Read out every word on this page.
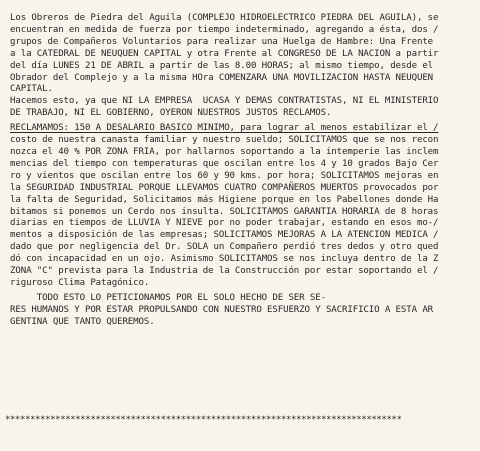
Los Obreros de Piedra del Aguila (COMPLEJO HIDROELECTRICO PIEDRA DEL AGUILA), se
encuentran en medida de fuerza por tiempo indeterminado, agregando a ésta, dos /
grupos de Compañeros Voluntarios para realizar una Huelga de Hambre: Una Frente
a la CATEDRAL DE NEUQUEN CAPITAL y otra Frente al CONGRESO DE LA NACION a partir
del día LUNES 21 DE ABRIL a partir de las 8.00 HORAS; al mismo tiempo, desde el
Obrador del Complejo y a la misma HOra COMENZARA UNA MOVILIZACION HASTA NEUQUEN
CAPITAL.
Hacemos esto, ya que NI LA EMPRESA  UCASA Y DEMAS CONTRATISTAS, NI EL MINISTERIO
DE TRABAJO, NI EL GOBIERNO, OYERON NUESTROS JUSTOS RECLAMOS.
RECLAMAMOS: 150 A DESALARIO BASICO MINIMO, para lograr al menos estabilizar el /
costo de nuestra canasta familiar y nuestro sueldo; SOLICITAMOS que se nos recon
nozca el 40 % POR ZONA FRIA, por hallarnos soportando a la intemperie las inclem
mencias del tiempo con temperaturas que oscilan entre los 4 y 10 grados Bajo Cer
ro y vientos que oscilan entre los 60 y 90 kms. por hora; SOLICITAMOS mejoras en
la SEGURIDAD INDUSTRIAL PORQUE LLEVAMOS CUATRO COMPAÑEROS MUERTOS provocados por
la falta de Seguridad, Solicitamos más Higiene porque en los Pabellones donde Ha
bitamos si ponemos un Cerdo nos insulta. SOLICITAMOS GARANTIA HORARIA de 8 horas
diarias en tiempos de LLUVIA Y NIEVE por no poder trabajar, estando en esos mo-/
mentos a disposición de las empresas; SOLICITAMOS MEJORAS A LA ATENCION MEDICA /
dado que por negligencia del Dr. SOLA un Compañero perdió tres dedos y otro qued
dó con incapacidad en un ojo. Asimismo SOLICITAMOS se nos incluya dentro de la Z
ZONA "C" prevista para la Industria de la Construcción por estar soportando el /
riguroso Clima Patagónico.
TODO ESTO LO PETICIONAMOS POR EL SOLO HECHO DE SER SE-
RES HUMANOS Y POR ESTAR PROPULSANDO CON NUESTRO ESFUERZO Y SACRIFICIO A ESTA AR
GENTINA QUE TANTO QUEREMOS.
*******************************************************************************
